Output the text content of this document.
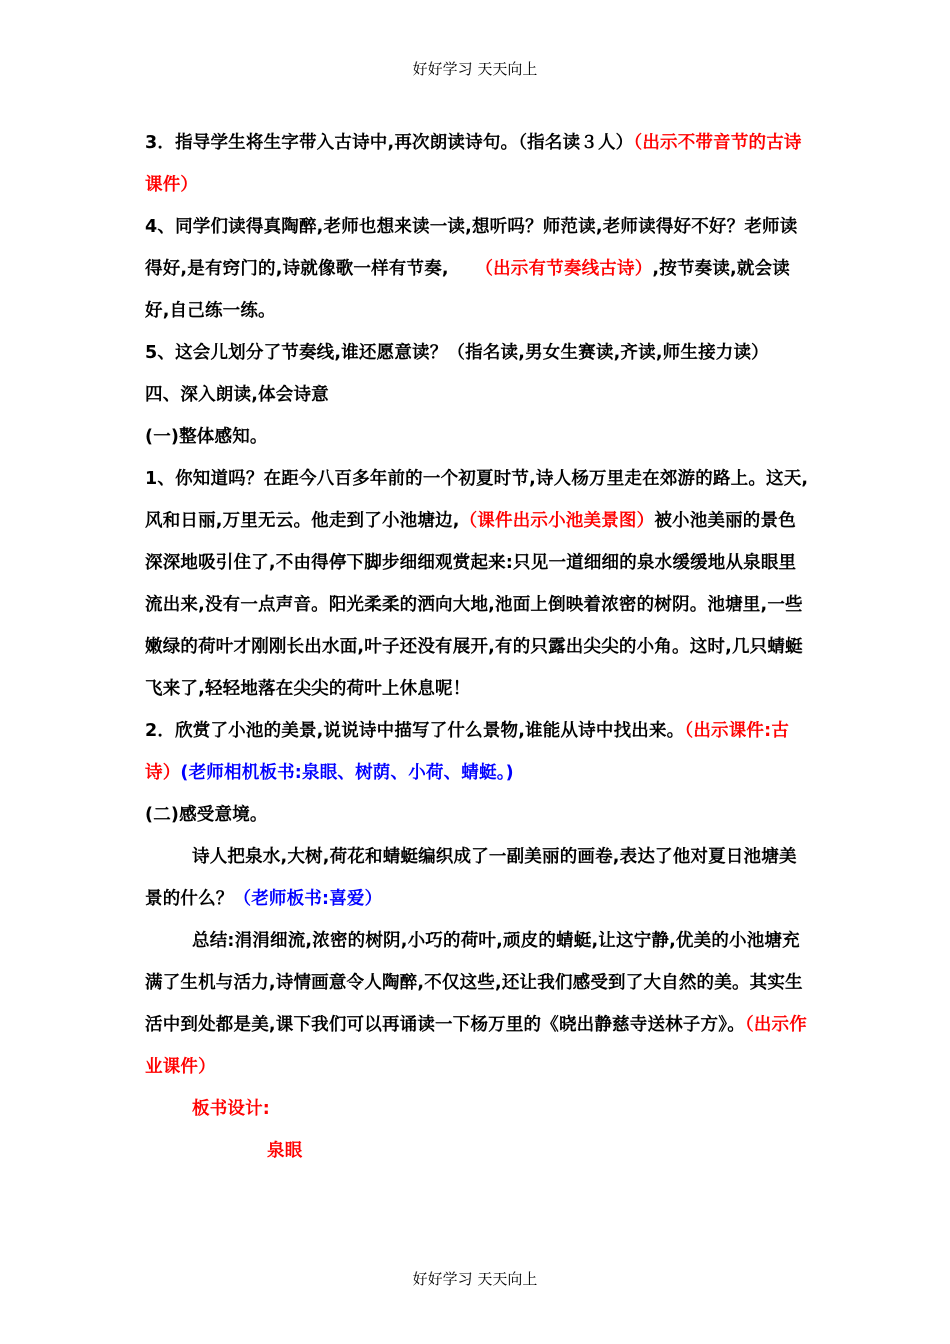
好好学习 天天向上

3．指导学生将生字带入古诗中,再次朗读诗句。（指名读３人）（出示不带音节的古诗课件）

4、同学们读得真陶醉,老师也想来读一读,想听吗？师范读,老师读得好不好？老师读得好,是有窍门的,诗就像歌一样有节奏,　　 （出示有节奏线古诗）,按节奏读,就会读好,自己练一练。

5、这会儿划分了节奏线,谁还愿意读？（指名读,男女生赛读,齐读,师生接力读）

四、深入朗读,体会诗意

(一)整体感知。

1、你知道吗？在距今八百多年前的一个初夏时节,诗人杨万里走在郊游的路上。这天,风和日丽,万里无云。他走到了小池塘边,（课件出示小池美景图）被小池美丽的景色深深地吸引住了,不由得停下脚步细细观赏起来:只见一道细细的泉水缓缓地从泉眼里流出来,没有一点声音。阳光柔柔的洒向大地,池面上倒映着浓密的树阴。池塘里,一些嫩绿的荷叶才刚刚长出水面,叶子还没有展开,有的只露出尖尖的小角。这时,几只蜻蜓飞来了,轻轻地落在尖尖的荷叶上休息呢！

2．欣赏了小池的美景,说说诗中描写了什么景物,谁能从诗中找出来。（出示课件:古诗）(老师相机板书:泉眼、树荫、小荷、蜻蜓。)

(二)感受意境。

诗人把泉水,大树,荷花和蜻蜓编织成了一副美丽的画卷,表达了他对夏日池塘美景的什么？（老师板书:喜爱）

总结:涓涓细流,浓密的树阴,小巧的荷叶,顽皮的蜻蜓,让这宁静,优美的小池塘充满了生机与活力,诗情画意令人陶醉,不仅这些,还让我们感受到了大自然的美。其实生活中到处都是美,课下我们可以再诵读一下杨万里的《晓出静慈寺送林子方》。（出示作业课件）

板书设计:

泉眼

好好学习 天天向上
